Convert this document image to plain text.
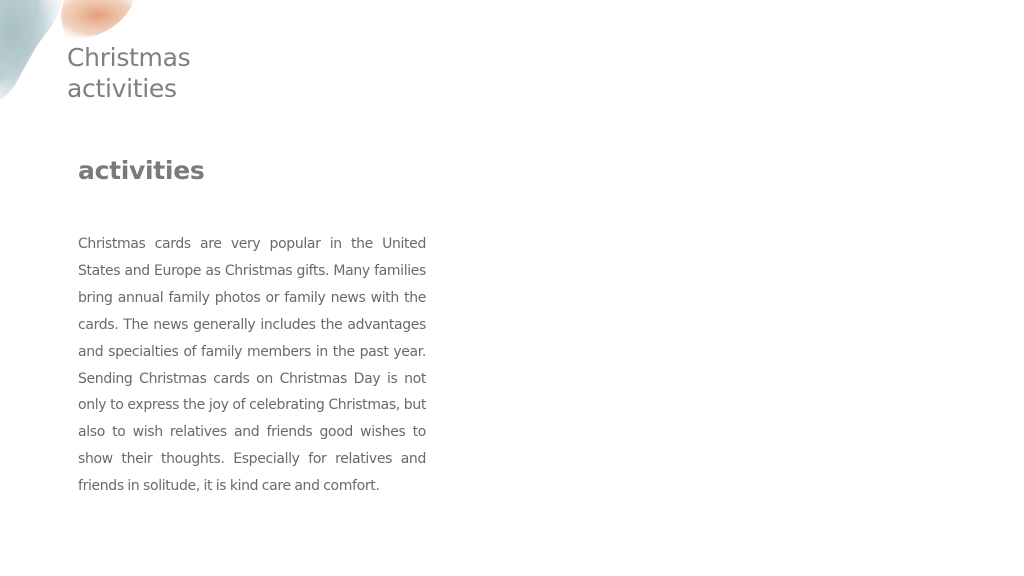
Christmas activities
activities
Christmas cards are very popular in the United States and Europe as Christmas gifts. Many families bring annual family photos or family news with the cards. The news generally includes the advantages and specialties of family members in the past year. Sending Christmas cards on Christmas Day is not only to express the joy of celebrating Christmas, but also to wish relatives and friends good wishes to show their thoughts. Especially for relatives and friends in solitude, it is kind care and comfort.
